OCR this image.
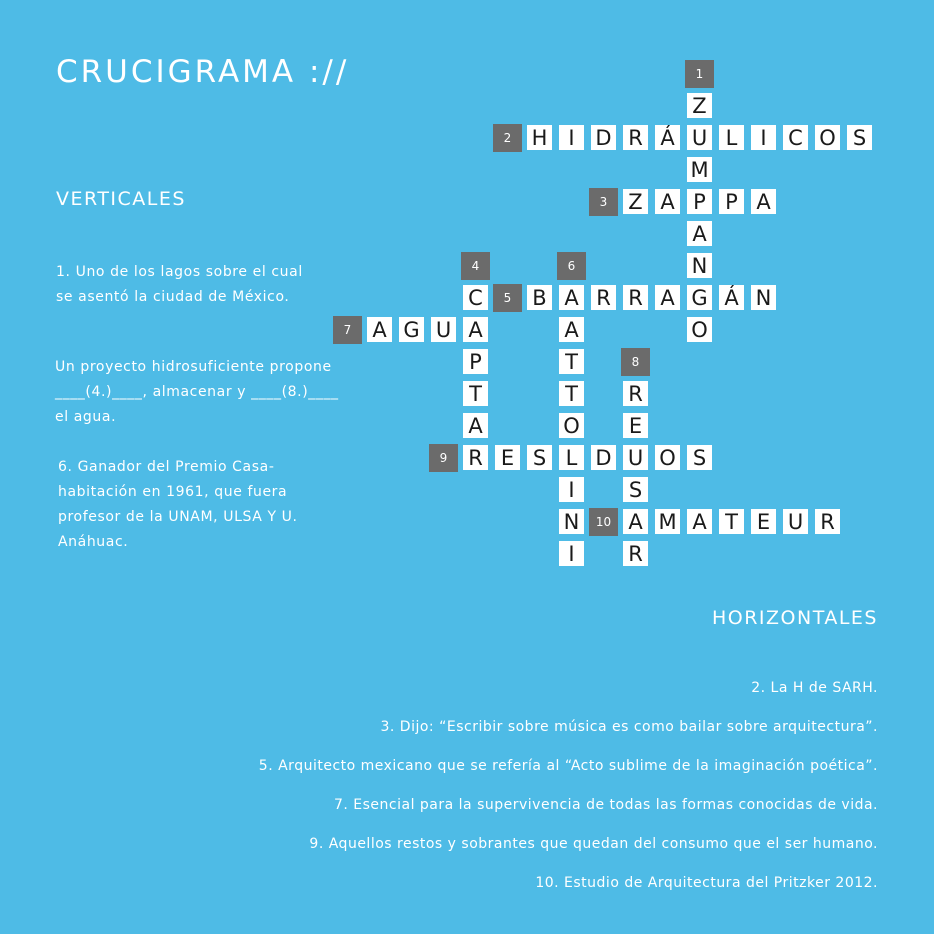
CRUCIGRAMA ://
VERTICALES

1. Uno de los lagos sobre el cual se asentó la ciudad de México.

Un proyecto hidrosuficiente propone ____(4.)____, almacenar y ____(8.)____ el agua.

6. Ganador del Premio Casa-habitación en 1961, que fuera profesor de la UNAM, ULSA Y U. Anáhuac.

HORIZONTALES
2. La H de SARH.
3. Dijo: “Escribir sobre música es como bailar sobre arquitectura”.
5. Arquitecto mexicano que se refería al “Acto sublime de la imaginación poética”.
7. Esencial para la supervivencia de todas las formas conocidas de vida.
9. Aquellos restos y sobrantes que quedan del consumo que el ser humano.
10. Estudio de Arquitectura del Pritzker 2012.
Z
U
M
P
A
N
G
O
1
H	I D R Á	L	I	C O S
2
Z A	P A
3
C
A
P
T
A
R
4
B A R R A	Á N
5
A
T
T
O
L
I
N
I
6
A G U
7
R
E
U
S
A
R
8
E S	D O S
9
M A T E U R
10
